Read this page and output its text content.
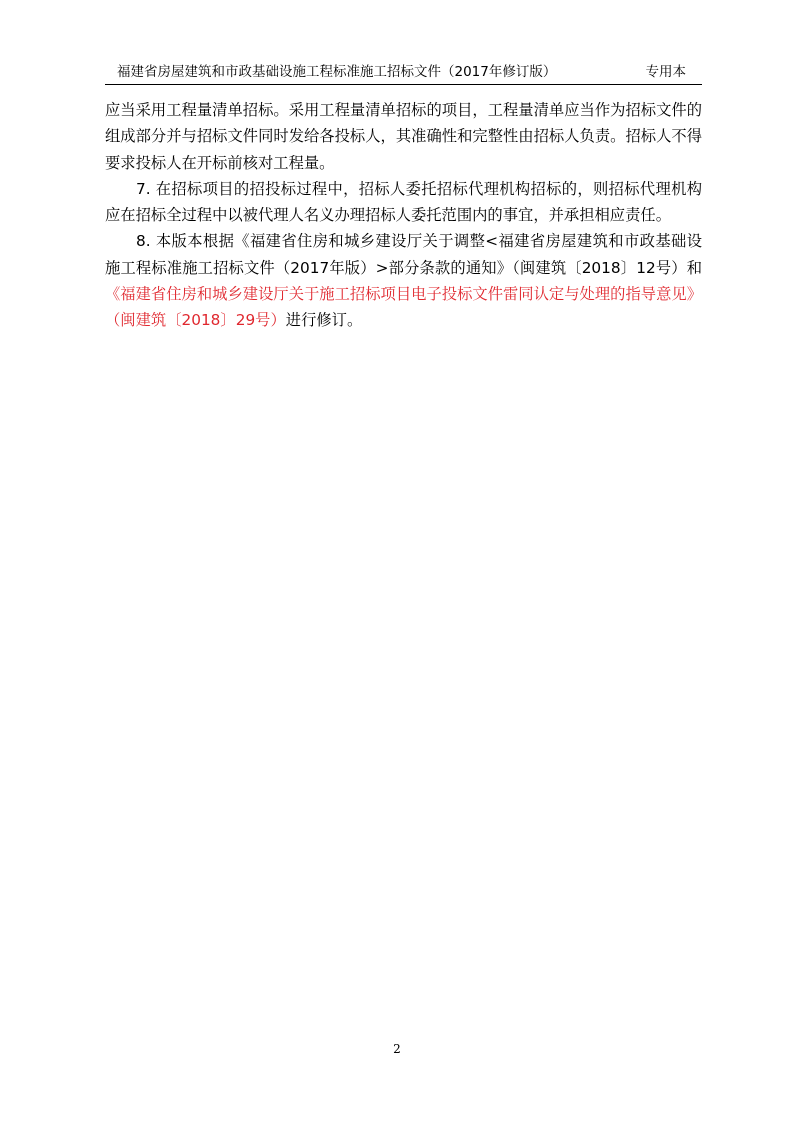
福建省房屋建筑和市政基础设施工程标准施工招标文件（2017年修订版）	专用本

应当采用工程量清单招标。采用工程量清单招标的项目，工程量清单应当作为招标文件的组成部分并与招标文件同时发给各投标人，其准确性和完整性由招标人负责。招标人不得要求投标人在开标前核对工程量。

7. 在招标项目的招投标过程中，招标人委托招标代理机构招标的，则招标代理机构应在招标全过程中以被代理人名义办理招标人委托范围内的事宜，并承担相应责任。

8. 本版本根据《福建省住房和城乡建设厅关于调整<福建省房屋建筑和市政基础设施工程标准施工招标文件（2017年版）>部分条款的通知》（闽建筑〔2018〕12号）和《福建省住房和城乡建设厅关于施工招标项目电子投标文件雷同认定与处理的指导意见》（闽建筑〔2018〕29号）进行修订。

2
